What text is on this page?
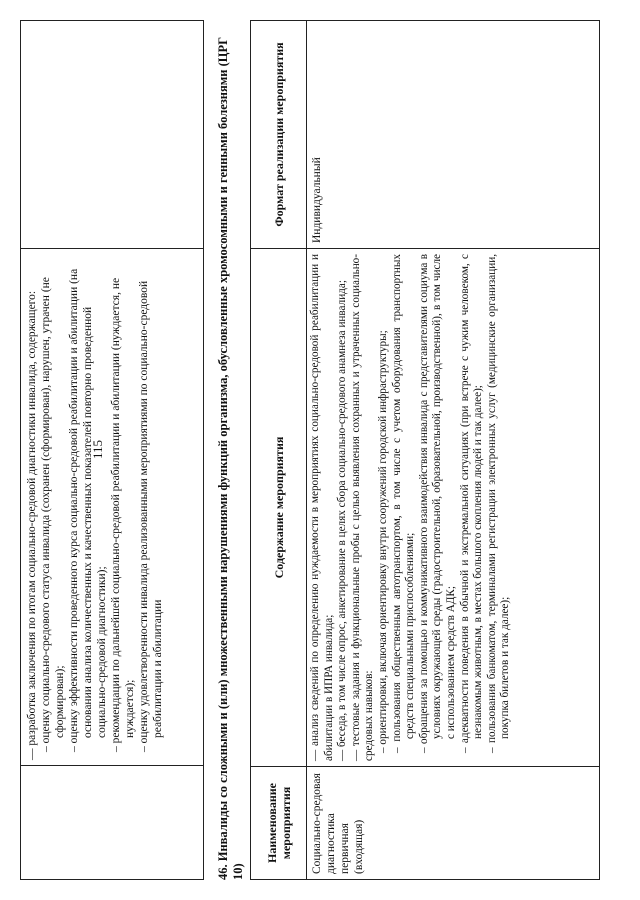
115
— разработка заключения по итогам социально-средовой диагностики инвалида, содержащего: – оценку социально-средового статуса инвалида (сохранен (сформирован), нарушен, утрачен (не сформирован); – оценку эффективности проведенного курса социально-средовой реабилитации и абилитации (на основании анализа количественных и качественных показателей повторно проведенной социально-средовой диагностики); – рекомендации по дальнейшей социально-средовой реабилитации и абилитации (нуждается, не нуждается); – оценку удовлетворенности инвалида реализованными мероприятиями по социально-средовой реабилитации и абилитации	46. Инвалиды со сложными и (или) множественными нарушениями функций организма, обусловленные хромосомными и генными болезнями (ЦРГ 10)
Наименование мероприятия
Содержание мероприятия
Формат реализации мероприятия
Социально-средовая диагностика первичная (входящая)
— анализ сведений по определению нуждаемости в мероприятиях социально-средовой реабилитации и абилитации в ИПРА инвалида; — беседа, в том числе опрос, анкетирование в целях сбора социально-средового анамнеза инвалида; — тестовые задания и функциональные пробы с целью выявления сохранных и утраченных социально-средовых навыков: – ориентировки, включая ориентировку внутри сооружений городской инфраструктуры; – пользования общественным автотранспортом, в том числе с учетом оборудования транспортных средств специальными приспособлениями; – обращения за помощью и коммуникативного взаимодействия инвалида с представителями социума в условиях окружающей среды (градостроительной, образовательной, производственной), в том числе с использованием средств АДК; – адекватности поведения в обычной и экстремальной ситуациях (при встрече с чужим человеком, с незнакомым животным, в местах большого скопления людей и так далее); – пользования банкоматом, терминалами регистрации электронных услуг (медицинские организации, покупка билетов и так далее);
Индивидуальный
